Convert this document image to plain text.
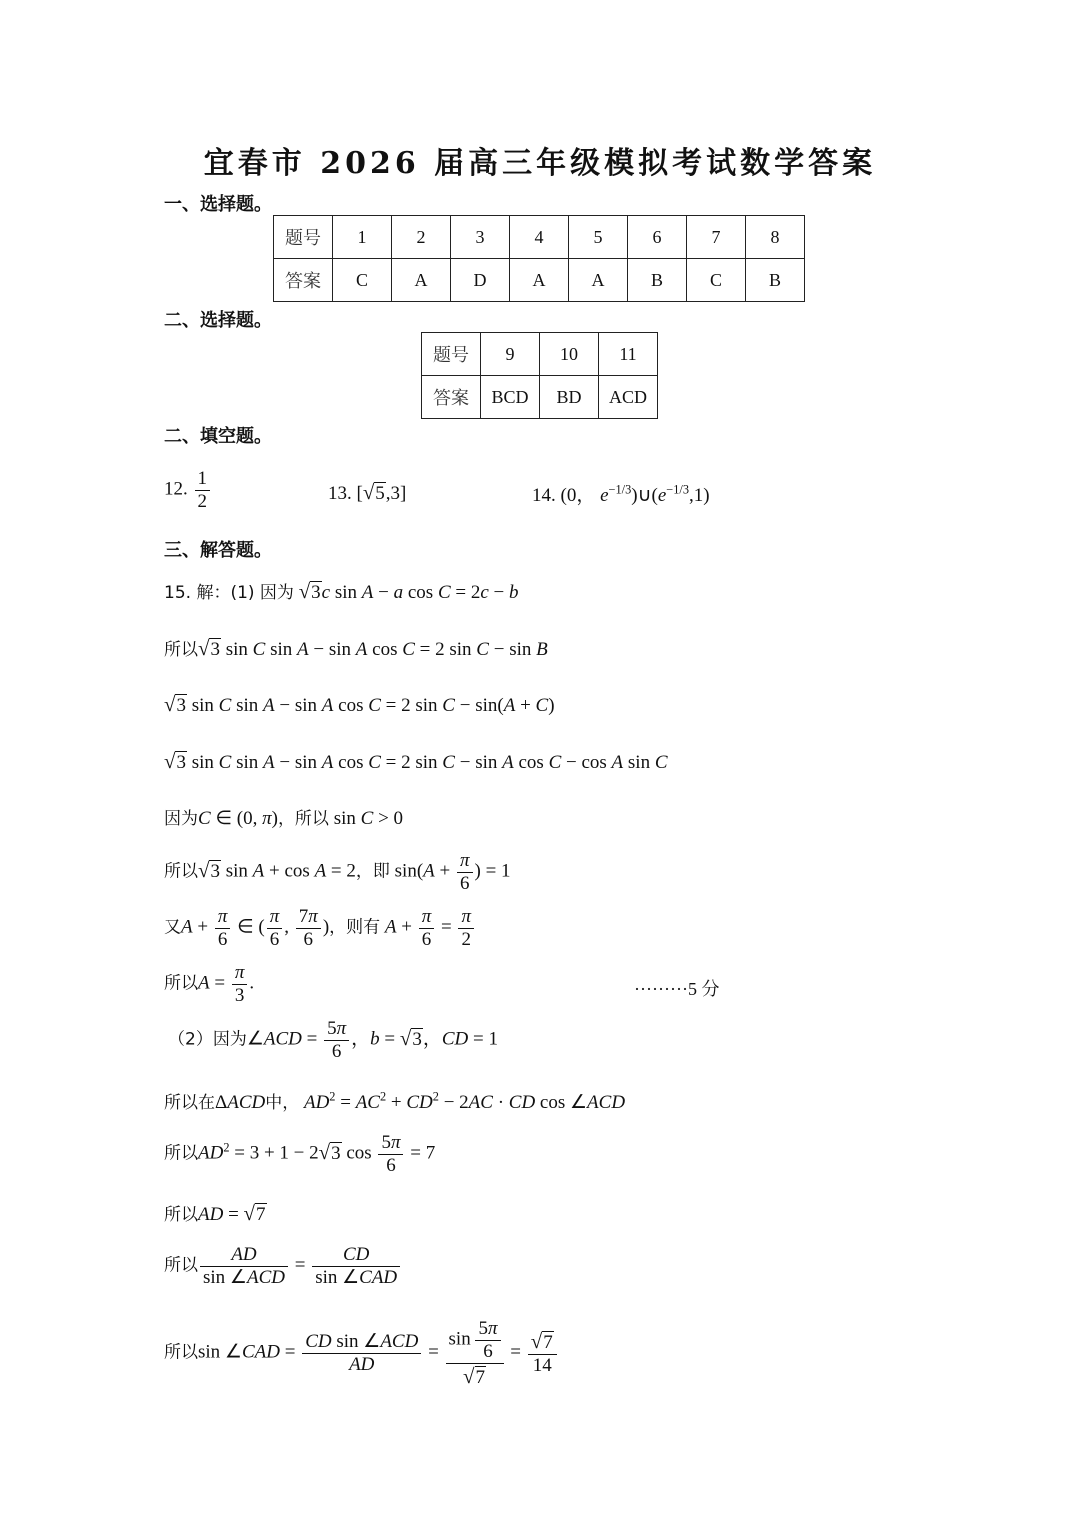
宜春市 2026 届高三年级模拟考试数学答案
一、选择题。
题号	1	2	3	4	5	6	7	8
答案	C	A	D	A	A	B	C	B
二、选择题。
题号	9	10	11
答案	BCD	BD	ACD
二、填空题。
12. $\frac{1}{2}$	13. [√5,3]	14. (0， $e^{-1/3})\cup(e^{-1/3},1)$
三、解答题。
15. 解：(1) 因为 √3c sin A − a cos C = 2c − b
所以√3 sin C sin A − sin A cos C = 2 sin C − sin B
√3 sin C sin A − sin A cos C = 2 sin C − sin(A + C)
√3 sin C sin A − sin A cos C = 2 sin C − sin A cos C − cos A sin C
因为C ∈ (0, π)，所以 sin C > 0
所以√3 sin A + cos A = 2，即 $\sin(A + \frac{\pi}{6}$ ) = 1
又$A + \frac{\pi}{6}$ ∈ ( $\frac{\pi}{6}$ , $\frac{7\pi}{6}$ )，则有 $A + \frac{\pi}{6} = \frac{\pi}{2}$
所以$A = \frac{\pi}{3}$ .	·········5 分
（2）因为∠ACD = $\frac{5\pi}{6}$ ，b = √3，CD = 1
所以在ΔACD中， $AD^2 = AC^2 + CD^2 - 2AC$ · CD cos ∠ACD
所以$AD^2 = 3 + 1 - 2√3$ $\cos \frac{5\pi}{6} = 7$
所以AD = √7
所以 $\frac{AD}{\text{sin ∠ACD}} = \frac{CD}{\text{sin ∠CAD}}$
所以sin ∠CAD = $\frac{\text{CD sin ∠ACD}}{AD} = \frac{\sin \frac{5\pi}{6}}{√7} = \frac{√7}{14}$
